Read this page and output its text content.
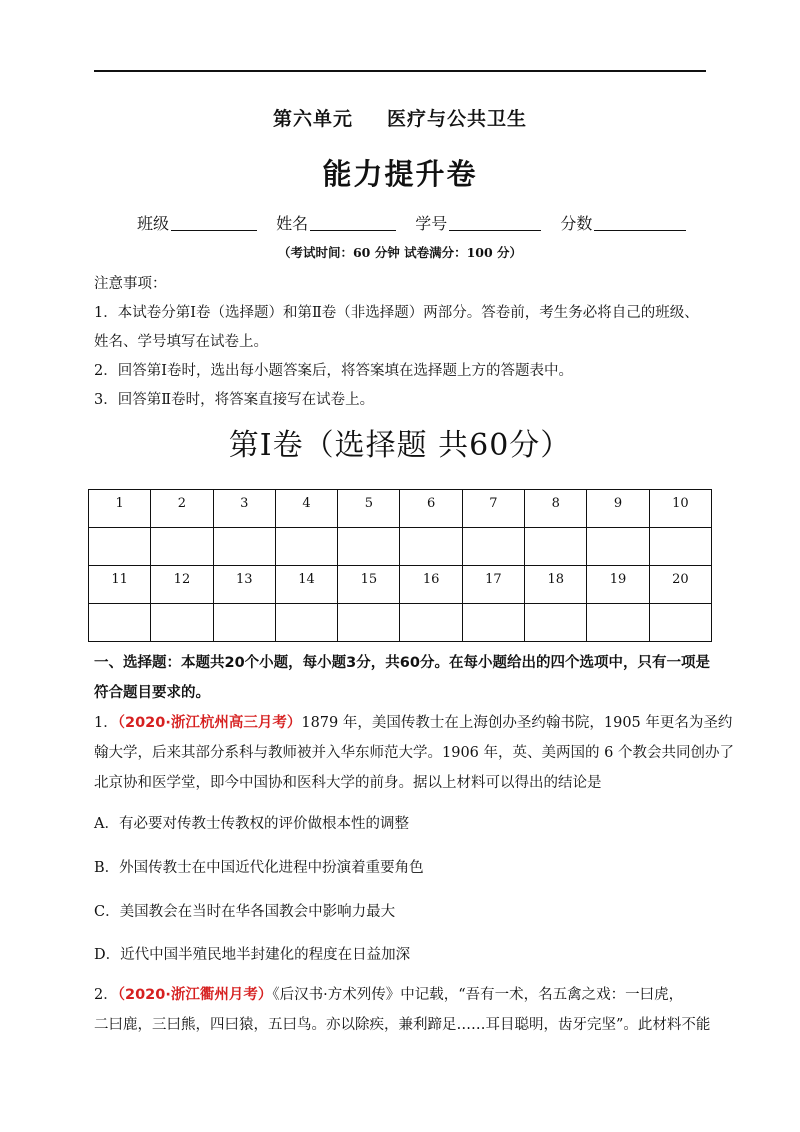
第六单元 医疗与公共卫生
能力提升卷
班级	姓名	学号	分数
（考试时间：60 分钟 试卷满分：100 分）
注意事项：
1．本试卷分第Ⅰ卷（选择题）和第Ⅱ卷（非选择题）两部分。答卷前，考生务必将自己的班级、
姓名、学号填写在试卷上。
2．回答第Ⅰ卷时，选出每小题答案后，将答案填在选择题上方的答题表中。
3．回答第Ⅱ卷时，将答案直接写在试卷上。
第Ⅰ卷（选择题 共60分）
1	2	3	4	5	6	7	8	9	10

11	12	13	14	15	16	17	18	19	20

一、选择题：本题共20个小题，每小题3分，共60分。在每小题给出的四个选项中，只有一项是
符合题目要求的。
1．（2020·浙江杭州高三月考）1879 年，美国传教士在上海创办圣约翰书院，1905 年更名为圣约
翰大学，后来其部分系科与教师被并入华东师范大学。1906 年，英、美两国的 6 个教会共同创办了
北京协和医学堂，即今中国协和医科大学的前身。据以上材料可以得出的结论是
A．有必要对传教士传教权的评价做根本性的调整
B．外国传教士在中国近代化进程中扮演着重要角色
C．美国教会在当时在华各国教会中影响力最大
D．近代中国半殖民地半封建化的程度在日益加深
2．（2020·浙江衢州月考）《后汉书·方术列传》中记载，“吾有一术，名五禽之戏：一曰虎，
二曰鹿，三曰熊，四曰猿，五曰鸟。亦以除疾，兼利蹄足……耳目聪明，齿牙完坚”。此材料不能
